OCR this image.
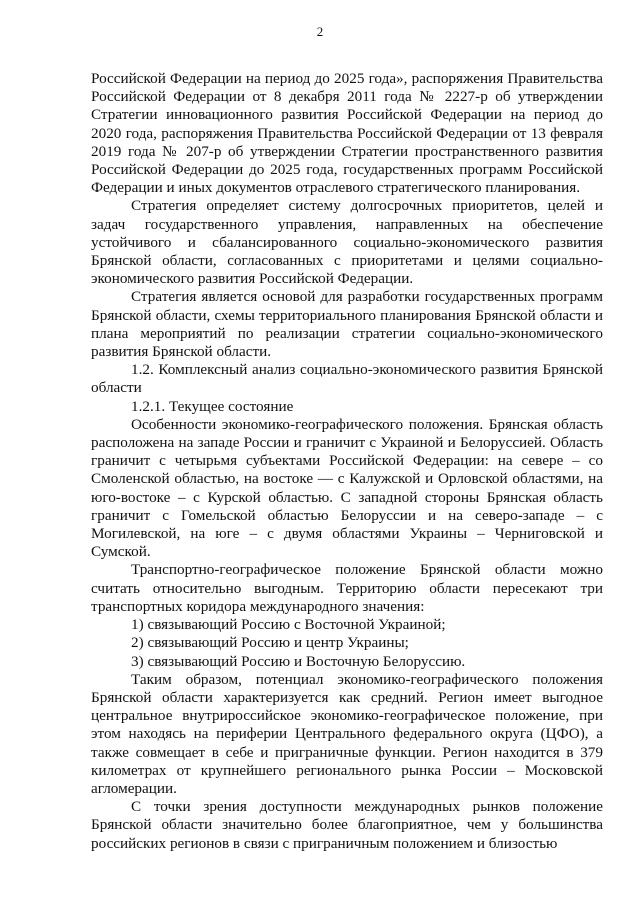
2

Российской Федерации на период до 2025 года», распоряжения Правительства Российской Федерации от 8 декабря 2011 года № 2227-р об утверждении Стратегии инновационного развития Российской Федерации на период до 2020 года, распоряжения Правительства Российской Федерации от 13 февраля 2019 года № 207-р об утверждении Стратегии пространственного развития Российской Федерации до 2025 года, государственных программ Российской Федерации и иных документов отраслевого стратегического планирования.

Стратегия определяет систему долгосрочных приоритетов, целей и задач государственного управления, направленных на обеспечение устойчивого и сбалансированного социально-экономического развития Брянской области, согласованных с приоритетами и целями социально-экономического развития Российской Федерации.

Стратегия является основой для разработки государственных программ Брянской области, схемы территориального планирования Брянской области и плана мероприятий по реализации стратегии социально-экономического развития Брянской области.

1.2. Комплексный анализ социально-экономического развития Брянской области

1.2.1. Текущее состояние

Особенности экономико-географического положения. Брянская область расположена на западе России и граничит с Украиной и Белоруссией. Область граничит с четырьмя субъектами Российской Федерации: на севере – со Смоленской областью, на востоке — с Калужской и Орловской областями, на юго-востоке – с Курской областью. С западной стороны Брянская область граничит с Гомельской областью Белоруссии и на северо-западе – с Могилевской, на юге – с двумя областями Украины – Черниговской и Сумской.

Транспортно-географическое положение Брянской области можно считать относительно выгодным. Территорию области пересекают три транспортных коридора международного значения:

1) связывающий Россию с Восточной Украиной;

2) связывающий Россию и центр Украины;

3) связывающий Россию и Восточную Белоруссию.

Таким образом, потенциал экономико-географического положения Брянской области характеризуется как средний. Регион имеет выгодное центральное внутрироссийское экономико-географическое положение, при этом находясь на периферии Центрального федерального округа (ЦФО), а также совмещает в себе и приграничные функции. Регион находится в 379 километрах от крупнейшего регионального рынка России – Московской агломерации.

С точки зрения доступности международных рынков положение Брянской области значительно более благоприятное, чем у большинства российских регионов в связи с приграничным положением и близостью
